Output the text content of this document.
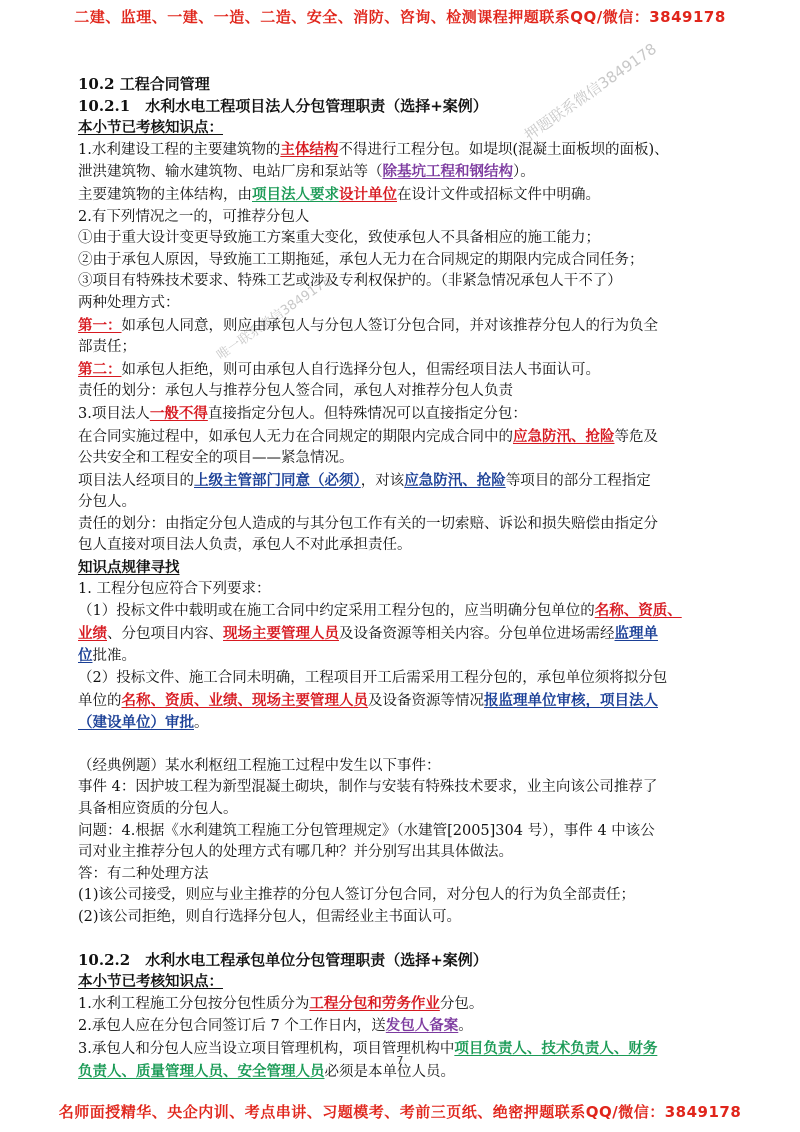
二建、监理、一建、一造、二造、安全、消防、咨询、检测课程押题联系QQ/微信：3849178
押题联系微信3849178
唯一联系微信3849178
10.2 工程合同管理
10.2.1　水利水电工程项目法人分包管理职责（选择+案例）
本小节已考核知识点：
1.水利建设工程的主要建筑物的主体结构不得进行工程分包。如堤坝(混凝土面板坝的面板)、
泄洪建筑物、输水建筑物、电站厂房和泵站等（除基坑工程和钢结构）。
主要建筑物的主体结构，由项目法人要求设计单位在设计文件或招标文件中明确。
2.有下列情况之一的，可推荐分包人
①由于重大设计变更导致施工方案重大变化，致使承包人不具备相应的施工能力；
②由于承包人原因，导致施工工期拖延，承包人无力在合同规定的期限内完成合同任务；
③项目有特殊技术要求、特殊工艺或涉及专利权保护的。（非紧急情况承包人干不了）
两种处理方式：
第一：如承包人同意，则应由承包人与分包人签订分包合同，并对该推荐分包人的行为负全
部责任；
第二：如承包人拒绝，则可由承包人自行选择分包人，但需经项目法人书面认可。
责任的划分：承包人与推荐分包人签合同，承包人对推荐分包人负责
3.项目法人一般不得直接指定分包人。但特殊情况可以直接指定分包：
在合同实施过程中，如承包人无力在合同规定的期限内完成合同中的应急防汛、抢险等危及
公共安全和工程安全的项目——紧急情况。
项目法人经项目的上级主管部门同意（必须），对该应急防汛、抢险等项目的部分工程指定
分包人。
责任的划分：由指定分包人造成的与其分包工作有关的一切索赔、诉讼和损失赔偿由指定分
包人直接对项目法人负责，承包人不对此承担责任。
知识点规律寻找
1. 工程分包应符合下列要求：
（1）投标文件中载明或在施工合同中约定采用工程分包的，应当明确分包单位的名称、资质、
业绩、分包项目内容、现场主要管理人员及设备资源等相关内容。分包单位进场需经监理单
位批准。
（2）投标文件、施工合同未明确，工程项目开工后需采用工程分包的，承包单位须将拟分包
单位的名称、资质、业绩、现场主要管理人员及设备资源等情况报监理单位审核，项目法人
（建设单位）审批。
（经典例题）某水利枢纽工程施工过程中发生以下事件：
事件 4：因护坡工程为新型混凝土砌块，制作与安装有特殊技术要求，业主向该公司推荐了
具备相应资质的分包人。
问题：4.根据《水利建筑工程施工分包管理规定》（水建管[2005]304 号），事件 4 中该公
司对业主推荐分包人的处理方式有哪几种？并分别写出其具体做法。
答：有二种处理方法
(1)该公司接受，则应与业主推荐的分包人签订分包合同，对分包人的行为负全部责任；
(2)该公司拒绝，则自行选择分包人，但需经业主书面认可。
10.2.2　水利水电工程承包单位分包管理职责（选择+案例）
本小节已考核知识点：
1.水利工程施工分包按分包性质分为工程分包和劳务作业分包。
2.承包人应在分包合同签订后 7 个工作日内，送发包人备案。
3.承包人和分包人应当设立项目管理机构，项目管理机构中项目负责人、技术负责人、财务
负责人、质量管理人员、安全管理人员必须是本单位人员。
7
名师面授精华、央企内训、考点串讲、习题模考、考前三页纸、绝密押题联系QQ/微信：3849178
